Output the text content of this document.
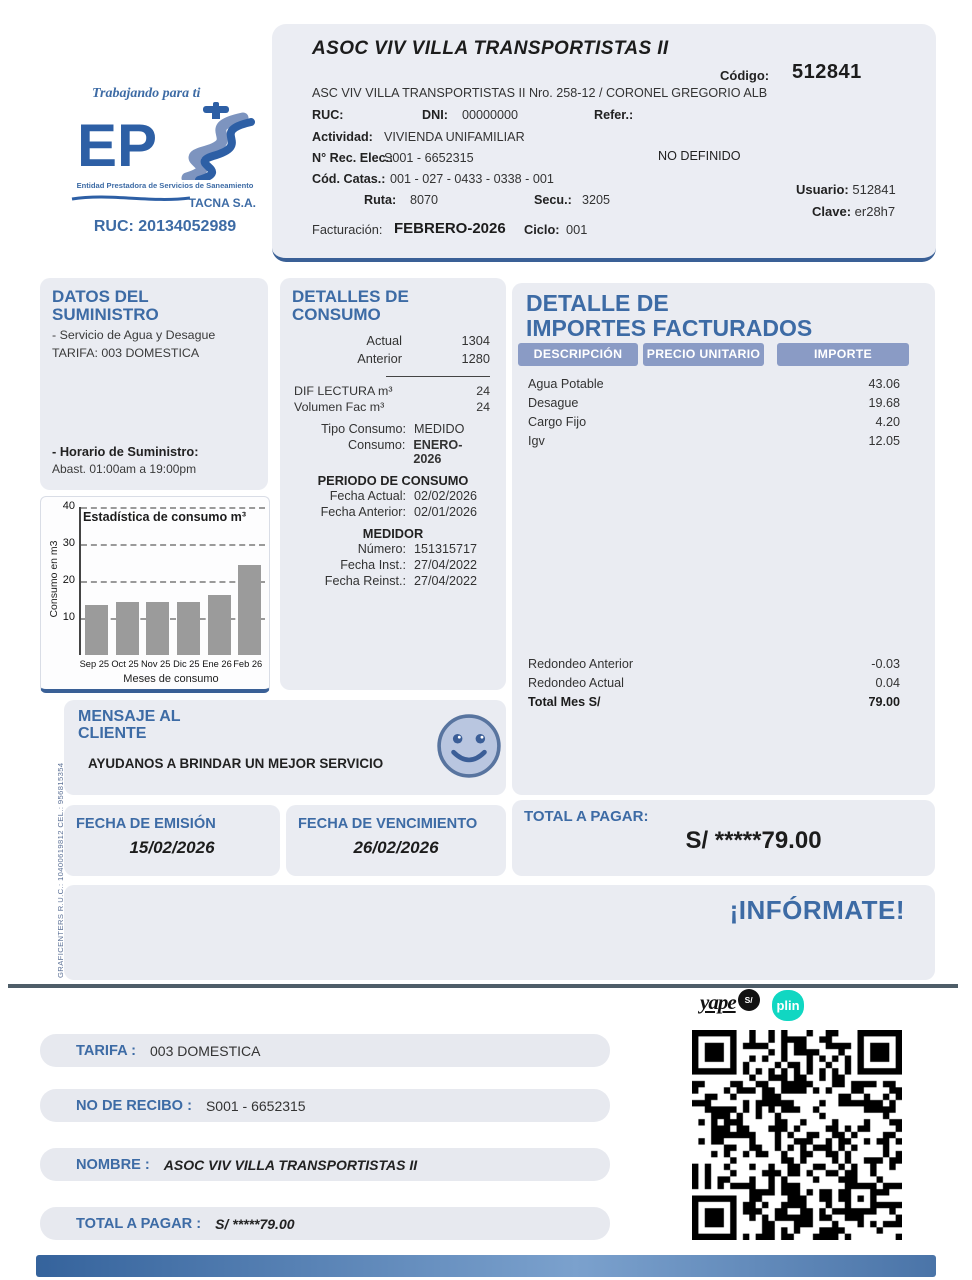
Trabajando para ti
EP
Entidad Prestadora de Servicios de Saneamiento
TACNA S.A.
RUC: 20134052989
ASOC VIV VILLA TRANSPORTISTAS II
Código: 512841
ASC VIV VILLA TRANSPORTISTAS II Nro. 258-12 / CORONEL GREGORIO ALB
RUC:	DNI: 00000000	Refer.:
Actividad: VIVIENDA UNIFAMILIAR
N° Rec. Elec.:
S001 - 6652315	NO DEFINIDO
Cód. Catas.: 001 - 027 - 0433 - 0338 - 001
Ruta: 8070	Secu.: 3205
Usuario: 512841
Clave: er28h7
Facturación: FEBRERO-2026 Ciclo: 001
DATOS DEL
SUMINISTRO
- Servicio de Agua y Desague
TARIFA: 003 DOMESTICA
- Horario de Suministro:
Abast. 01:00am a 19:00pm
Estadística de consumo m³
Consumo en m3 10
20
30
40
Sep 25 Oct 25 Nov 25 Dic 25 Ene 26 Feb 26
Meses de consumo
DETALLES DE
CONSUMO
Actual	1304
Anterior	1280
DIF LECTURA m³	24
Volumen Fac m³	24
Tipo Consumo: MEDIDO
Consumo: ENERO-2026
PERIODO DE CONSUMO
Fecha Actual: 02/02/2026
Fecha Anterior: 02/01/2026
MEDIDOR
Número: 151315717
Fecha Inst.: 27/04/2022
Fecha Reinst.: 27/04/2022
DETALLE DE
IMPORTES FACTURADOS
DESCRIPCIÓN	PRECIO UNITARIO	IMPORTE
Agua Potable	43.06
Desague	19.68
Cargo Fijo	4.20
Igv	12.05
Redondeo Anterior	-0.03
Redondeo Actual	0.04
Total Mes S/	79.00
MENSAJE AL
CLIENTE
AYUDANOS A BRINDAR UN MEJOR SERVICIO
FECHA DE EMISIÓN
15/02/2026
FECHA DE VENCIMIENTO
26/02/2026
TOTAL A PAGAR:
S/ *****79.00
¡INFÓRMATE!
GRAFICENTERS R.U.C.: 10400619812 CEL.: 956815354
yape	S/	plin
TARIFA : 003 DOMESTICA
NO DE RECIBO : S001 - 6652315
NOMBRE : ASOC VIV VILLA TRANSPORTISTAS II
TOTAL A PAGAR : S/ *****79.00
